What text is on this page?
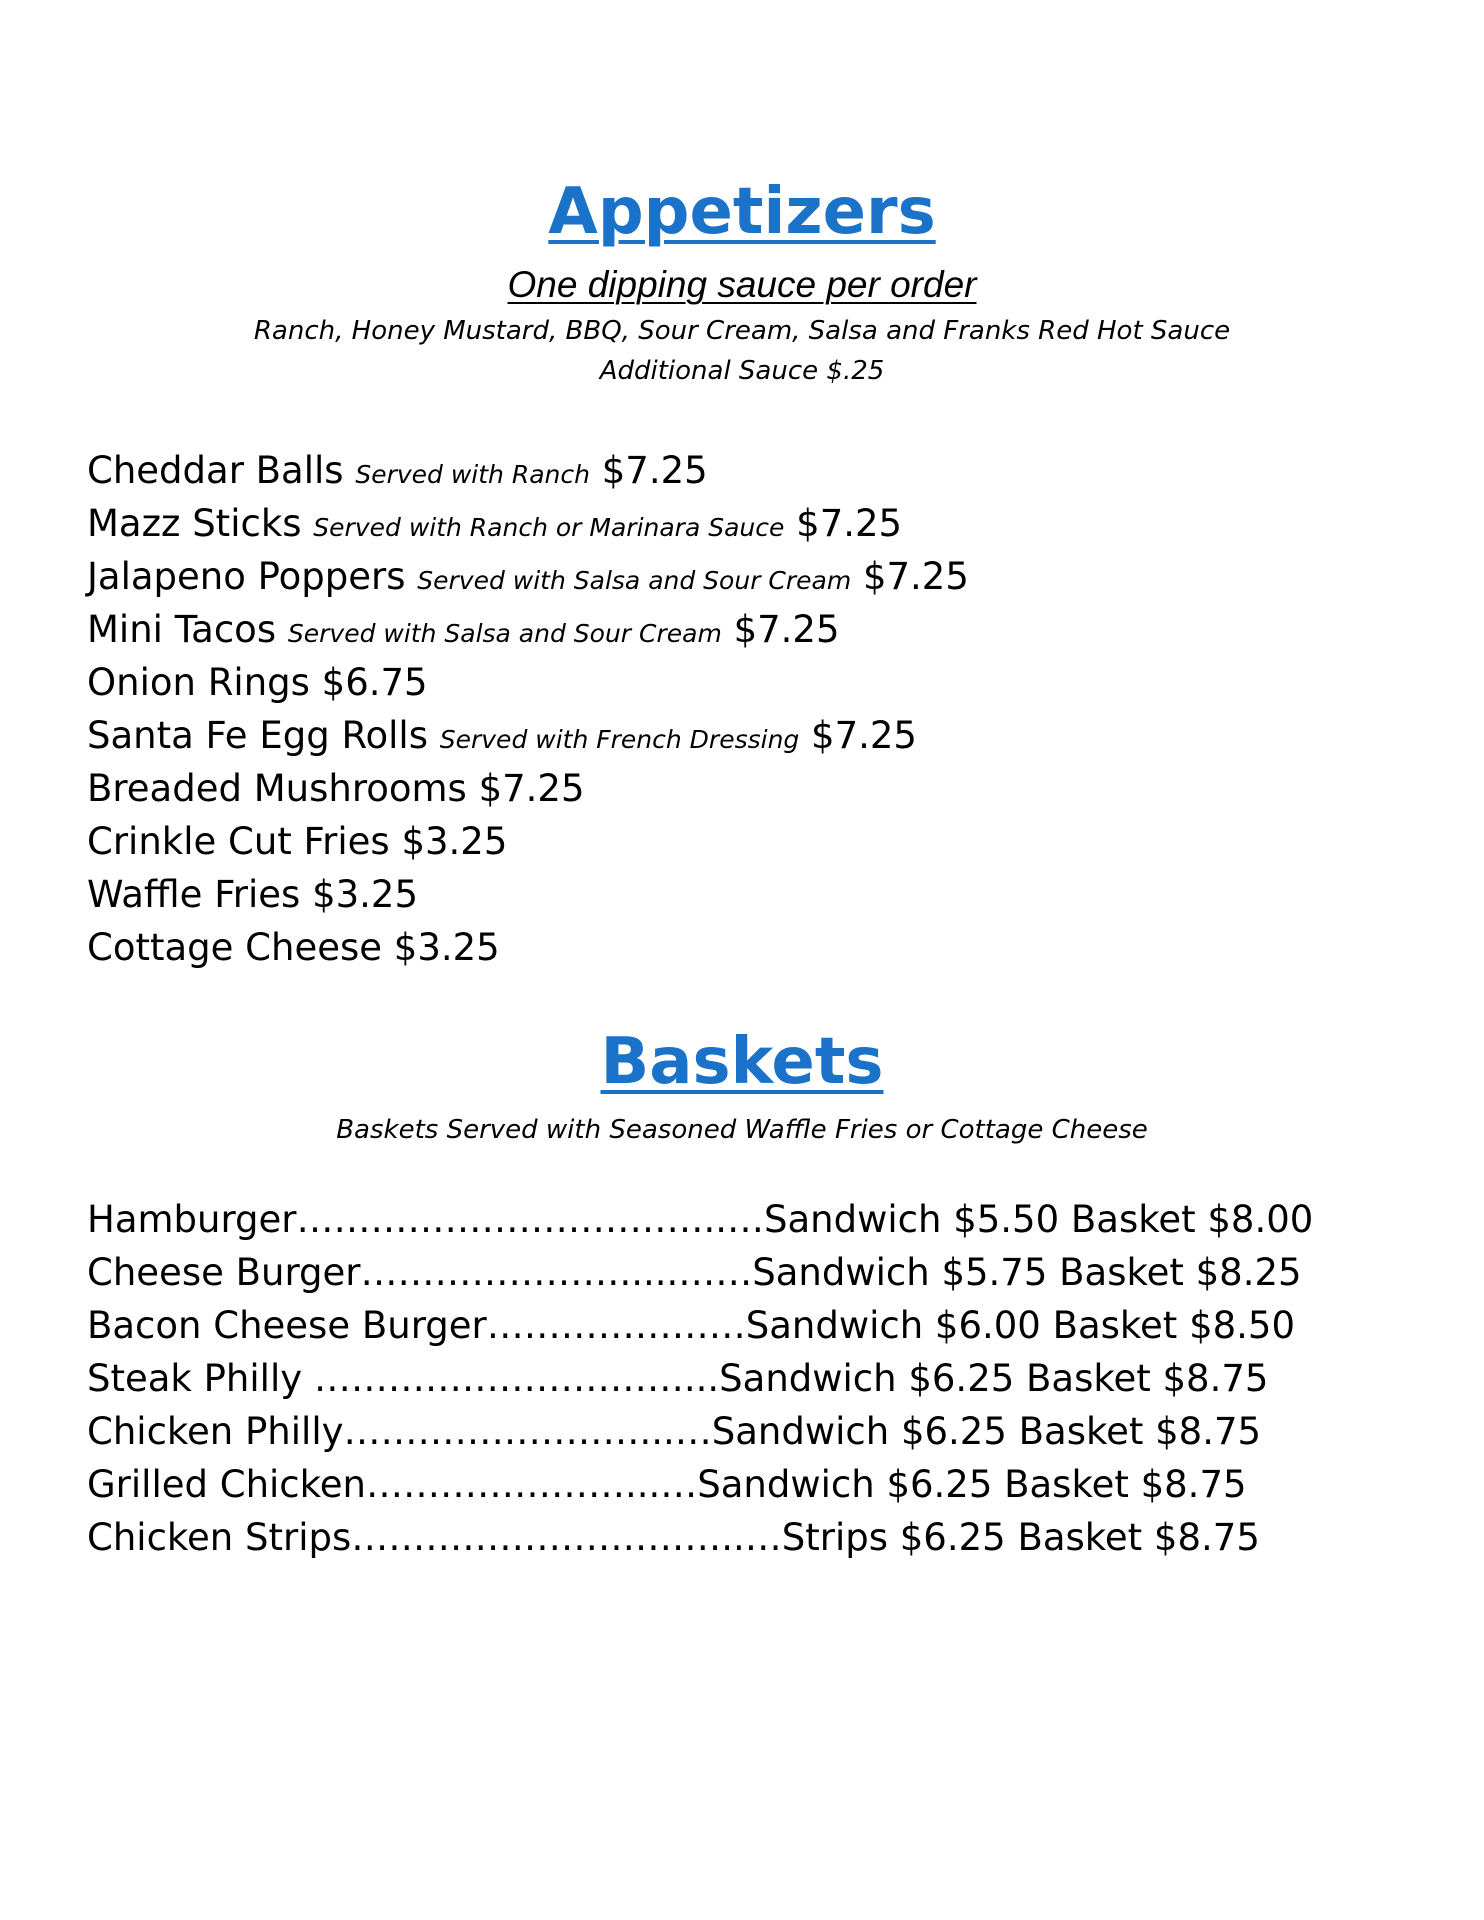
Appetizers
One dipping sauce per order
Ranch, Honey Mustard, BBQ, Sour Cream, Salsa and Franks Red Hot Sauce
Additional Sauce $.25
Cheddar Balls Served with Ranch $7.25
Mazz Sticks Served with Ranch or Marinara Sauce $7.25
Jalapeno Poppers Served with Salsa and Sour Cream $7.25
Mini Tacos Served with Salsa and Sour Cream $7.25
Onion Rings $6.75
Santa Fe Egg Rolls Served with French Dressing $7.25
Breaded Mushrooms $7.25
Crinkle Cut Fries $3.25
Waffle Fries $3.25
Cottage Cheese $3.25
Baskets
Baskets Served with Seasoned Waffle Fries or Cottage Cheese
Hamburger……………………………..…Sandwich $5.50 Basket $8.00
Cheese Burger………………….....……Sandwich $5.75 Basket $8.25
Bacon Cheese Burger…………………Sandwich $6.00 Basket $8.50
Steak Philly …………………………...Sandwich $6.25 Basket $8.75
Chicken Philly……………………...…Sandwich $6.25 Basket $8.75
Grilled Chicken…………………...…Sandwich $6.25 Basket $8.75
Chicken Strips…………………………..…Strips $6.25 Basket $8.75
